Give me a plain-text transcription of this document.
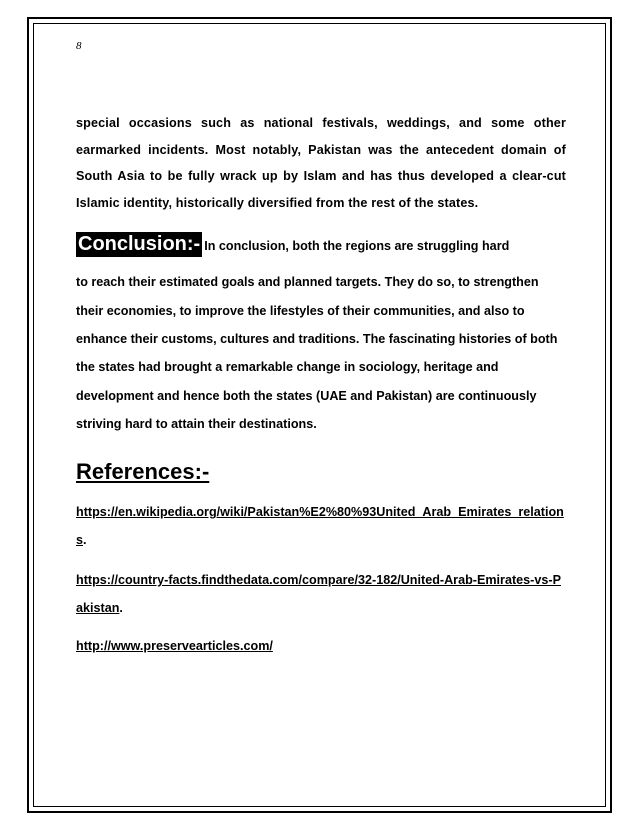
8

special occasions such as national festivals, weddings, and some other earmarked incidents. Most notably, Pakistan was the antecedent domain of South Asia to be fully wrack up by Islam and has thus developed a clear-cut Islamic identity, historically diversified from the rest of the states.

Conclusion:- In conclusion, both the regions are struggling hard

to reach their estimated goals and planned targets. They do so, to strengthen their economies, to improve the lifestyles of their communities, and also to enhance their customs, cultures and traditions. The fascinating histories of both the states had brought a remarkable change in sociology, heritage and development and hence both the states (UAE and Pakistan) are continuously striving hard to attain their destinations.

References:-

https://en.wikipedia.org/wiki/Pakistan%E2%80%93United_Arab_Emirates_relations.

https://country-facts.findthedata.com/compare/32-182/United-Arab-Emirates-vs-Pakistan.

http://www.preservearticles.com/
